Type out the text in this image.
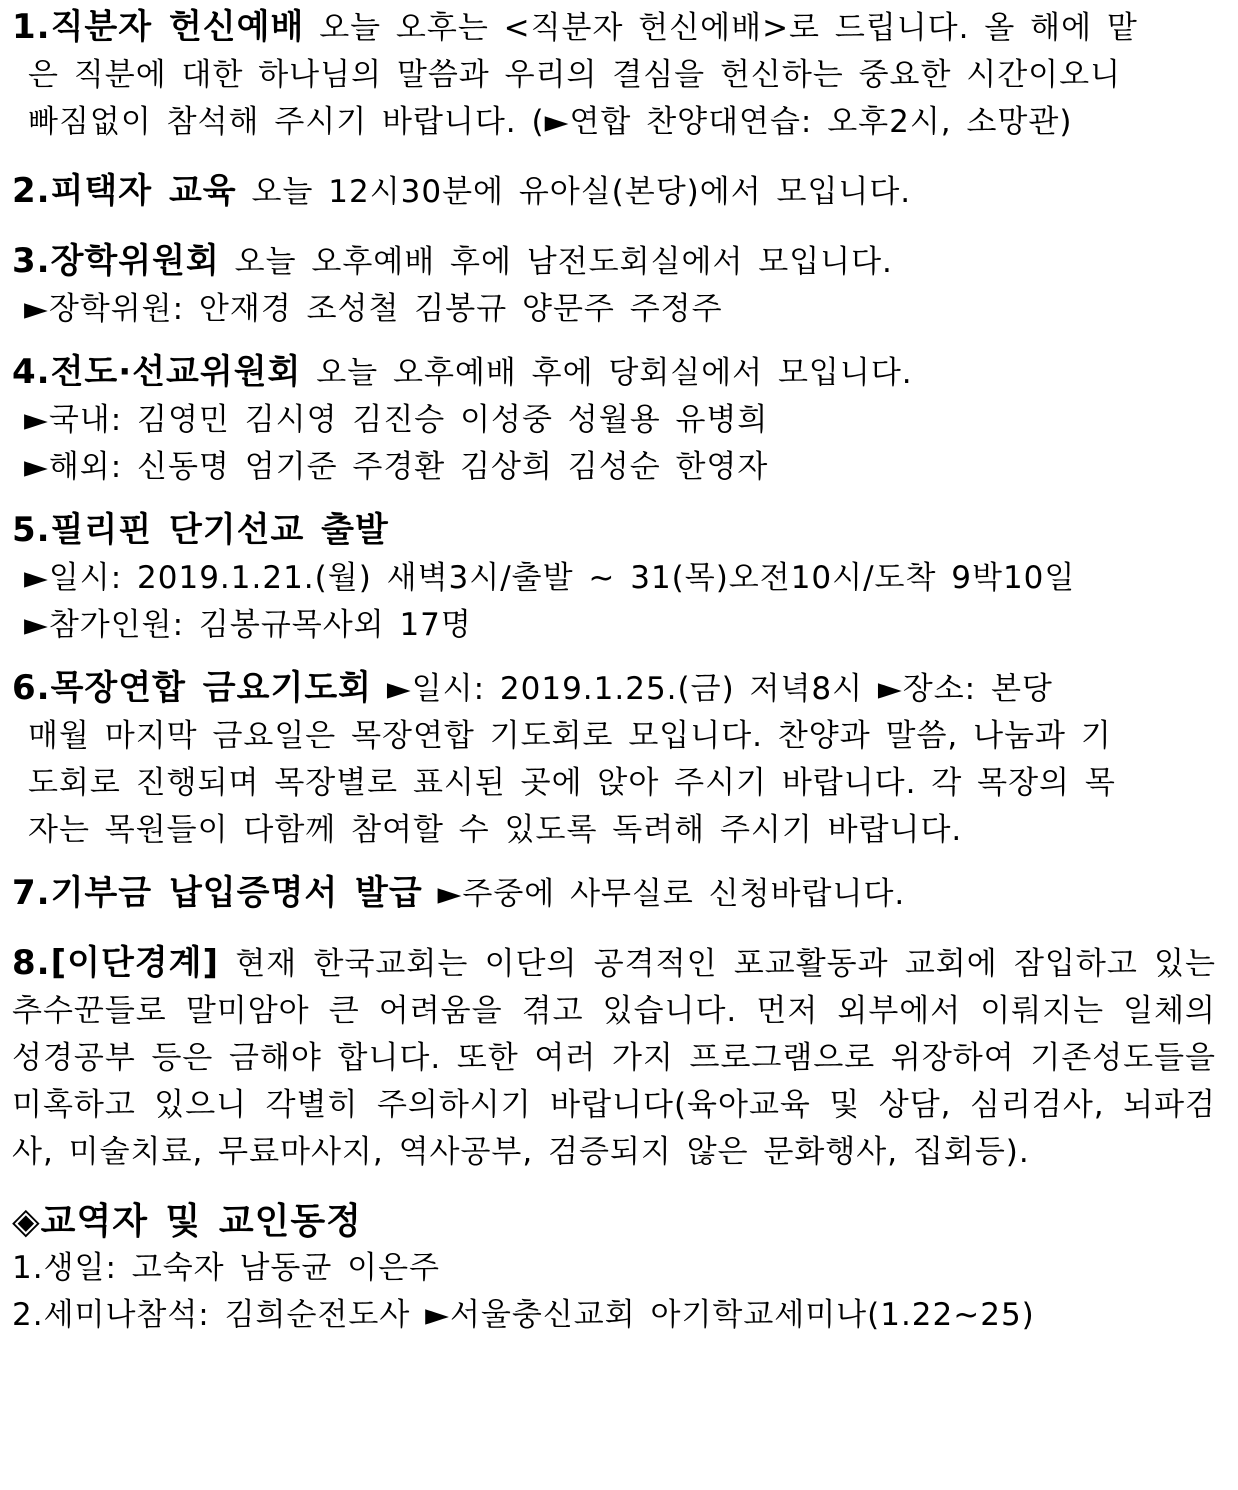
1.직분자 헌신예배 오늘 오후는 <직분자 헌신에배>로 드립니다. 올 해에 맡
은 직분에 대한 하나님의 말씀과 우리의 결심을 헌신하는 중요한 시간이오니
빠짐없이 참석해 주시기 바랍니다. (►연합 찬양대연습: 오후2시, 소망관)
2.피택자 교육 오늘 12시30분에 유아실(본당)에서 모입니다.
3.장학위원회 오늘 오후예배 후에 남전도회실에서 모입니다.
►장학위원: 안재경 조성철 김봉규 양문주 주정주
4.전도·선교위원회 오늘 오후예배 후에 당회실에서 모입니다.
►국내: 김영민 김시영 김진승 이성중 성월용 유병희
►해외: 신동명 엄기준 주경환 김상희 김성순 한영자
5.필리핀 단기선교 출발
►일시: 2019.1.21.(월) 새벽3시/출발 ~ 31(목)오전10시/도착 9박10일
►참가인원: 김봉규목사외 17명
6.목장연합 금요기도회 ►일시: 2019.1.25.(금) 저녁8시 ►장소: 본당
매월 마지막 금요일은 목장연합 기도회로 모입니다. 찬양과 말씀, 나눔과 기
도회로 진행되며 목장별로 표시된 곳에 앉아 주시기 바랍니다. 각 목장의 목
자는 목원들이 다함께 참여할 수 있도록 독려해 주시기 바랍니다.
7.기부금 납입증명서 발급 ►주중에 사무실로 신청바랍니다.
8.[이단경계] 현재 한국교회는 이단의 공격적인 포교활동과 교회에 잠입하고 있는 추수꾼들로 말미암아 큰 어려움을 겪고 있습니다. 먼저 외부에서 이뤄지는 일체의 성경공부 등은 금해야 합니다. 또한 여러 가지 프로그램으로 위장하여 기존성도들을 미혹하고 있으니 각별히 주의하시기 바랍니다(육아교육 및 상담, 심리검사, 뇌파검사, 미술치료, 무료마사지, 역사공부, 검증되지 않은 문화행사, 집회등).
◈교역자 및 교인동정
1.생일: 고숙자 남동균 이은주
2.세미나참석: 김희순전도사 ►서울충신교회 아기학교세미나(1.22~25)
